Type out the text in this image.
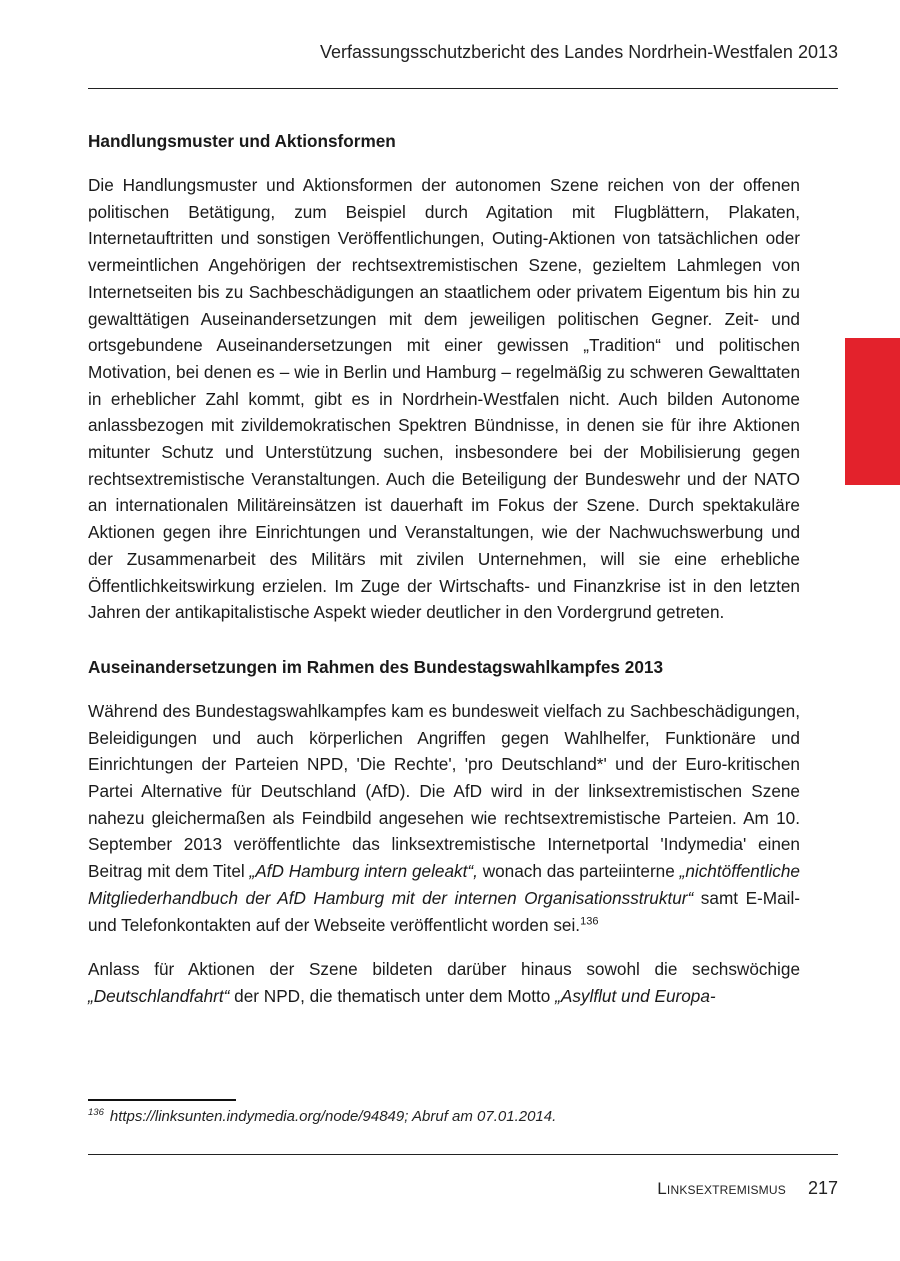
Verfassungsschutzbericht des Landes Nordrhein-Westfalen 2013
Handlungsmuster und Aktionsformen

Die Handlungsmuster und Aktionsformen der autonomen Szene reichen von der offenen politischen Betätigung, zum Beispiel durch Agitation mit Flugblättern, Plakaten, Internetauftritten und sonstigen Veröffentlichungen, Outing-Aktionen von tatsächlichen oder vermeintlichen Angehörigen der rechtsextremistischen Szene, gezieltem Lahmlegen von Internetseiten bis zu Sachbeschädigungen an staatlichem oder privatem Eigentum bis hin zu gewalttätigen Auseinandersetzungen mit dem jeweiligen politischen Gegner. Zeit- und ortsgebundene Auseinandersetzungen mit einer gewissen „Tradition“ und politischen Motivation, bei denen es – wie in Berlin und Hamburg – regelmäßig zu schweren Gewalttaten in erheblicher Zahl kommt, gibt es in Nordrhein-Westfalen nicht. Auch bilden Autonome anlassbezogen mit zivildemokratischen Spektren Bündnisse, in denen sie für ihre Aktionen mitunter Schutz und Unterstützung suchen, insbesondere bei der Mobilisierung gegen rechtsextremistische Veranstaltungen. Auch die Beteiligung der Bundeswehr und der NATO an internationalen Militäreinsätzen ist dauerhaft im Fokus der Szene. Durch spektakuläre Aktionen gegen ihre Einrichtungen und Veranstaltungen, wie der Nachwuchswerbung und der Zusammenarbeit des Militärs mit zivilen Unternehmen, will sie eine erhebliche Öffentlichkeitswirkung erzielen. Im Zuge der Wirtschafts- und Finanzkrise ist in den letzten Jahren der antikapitalistische Aspekt wieder deutlicher in den Vordergrund getreten.

Auseinandersetzungen im Rahmen des Bundestagswahlkampfes 2013

Während des Bundestagswahlkampfes kam es bundesweit vielfach zu Sachbeschädigungen, Beleidigungen und auch körperlichen Angriffen gegen Wahlhelfer, Funktionäre und Einrichtungen der Parteien NPD, 'Die Rechte', 'pro Deutschland*' und der Euro-kritischen Partei Alternative für Deutschland (AfD). Die AfD wird in der linksextremistischen Szene nahezu gleichermaßen als Feindbild angesehen wie rechtsextremistische Parteien. Am 10. September 2013 veröffentlichte das linksextremistische Internetportal 'Indymedia' einen Beitrag mit dem Titel „AfD Hamburg intern geleakt“, wonach das parteiinterne „nichtöffentliche Mitgliederhandbuch der AfD Hamburg mit der internen Organisationsstruktur“ samt E-Mail- und Telefonkontakten auf der Webseite veröffentlicht worden sei.$^{136}$

Anlass für Aktionen der Szene bildeten darüber hinaus sowohl die sechswöchige „Deutschlandfahrt“ der NPD, die thematisch unter dem Motto „Asylflut und Europa-

$^{136}$ https://linksunten.indymedia.org/node/94849; Abruf am 07.01.2014.
Linksextremismus 217
